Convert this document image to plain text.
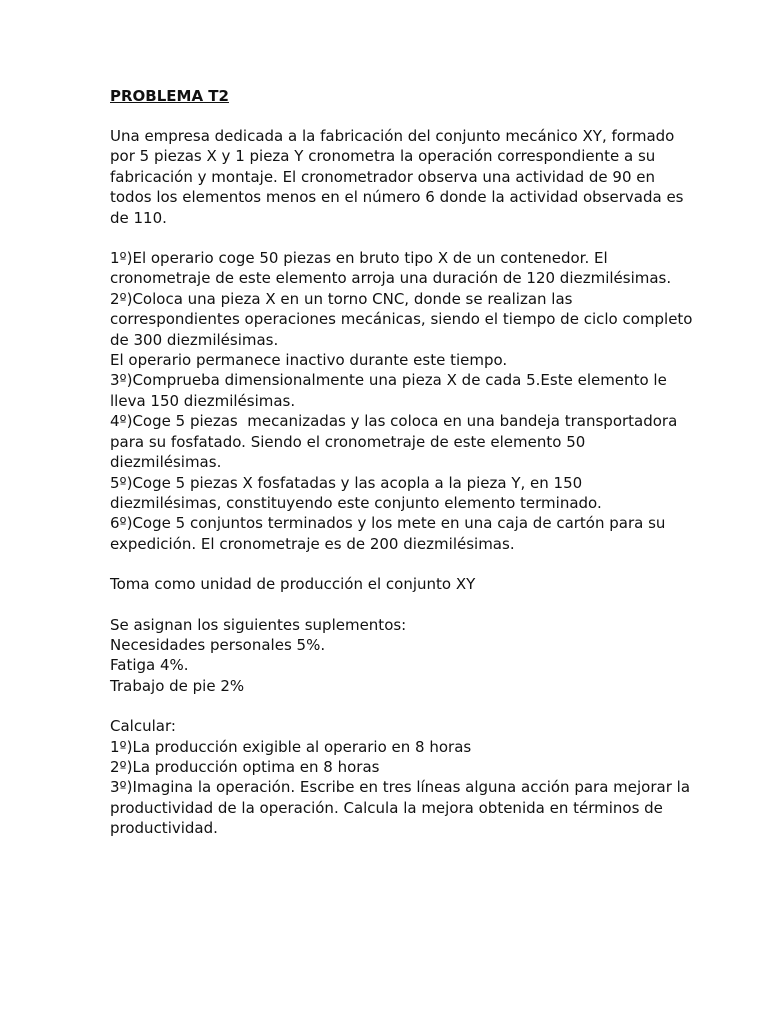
PROBLEMA T2
Una empresa dedicada a la fabricación del conjunto mecánico XY, formado
por 5 piezas X y 1 pieza Y cronometra la operación correspondiente a su
fabricación y montaje. El cronometrador observa una actividad de 90 en
todos los elementos menos en el número 6 donde la actividad observada es
de 110.
1º)El operario coge 50 piezas en bruto tipo X de un contenedor. El
cronometraje de este elemento arroja una duración de 120 diezmilésimas.
2º)Coloca una pieza X en un torno CNC, donde se realizan las
correspondientes operaciones mecánicas, siendo el tiempo de ciclo completo
de 300 diezmilésimas.
El operario permanece inactivo durante este tiempo.
3º)Comprueba dimensionalmente una pieza X de cada 5.Este elemento le
lleva 150 diezmilésimas.
4º)Coge 5 piezas  mecanizadas y las coloca en una bandeja transportadora
para su fosfatado. Siendo el cronometraje de este elemento 50
diezmilésimas.
5º)Coge 5 piezas X fosfatadas y las acopla a la pieza Y, en 150
diezmilésimas, constituyendo este conjunto elemento terminado.
6º)Coge 5 conjuntos terminados y los mete en una caja de cartón para su
expedición. El cronometraje es de 200 diezmilésimas.
Toma como unidad de producción el conjunto XY
Se asignan los siguientes suplementos:
Necesidades personales 5%.
Fatiga 4%.
Trabajo de pie 2%
Calcular:
1º)La producción exigible al operario en 8 horas
2º)La producción optima en 8 horas
3º)Imagina la operación. Escribe en tres líneas alguna acción para mejorar la
productividad de la operación. Calcula la mejora obtenida en términos de
productividad.
